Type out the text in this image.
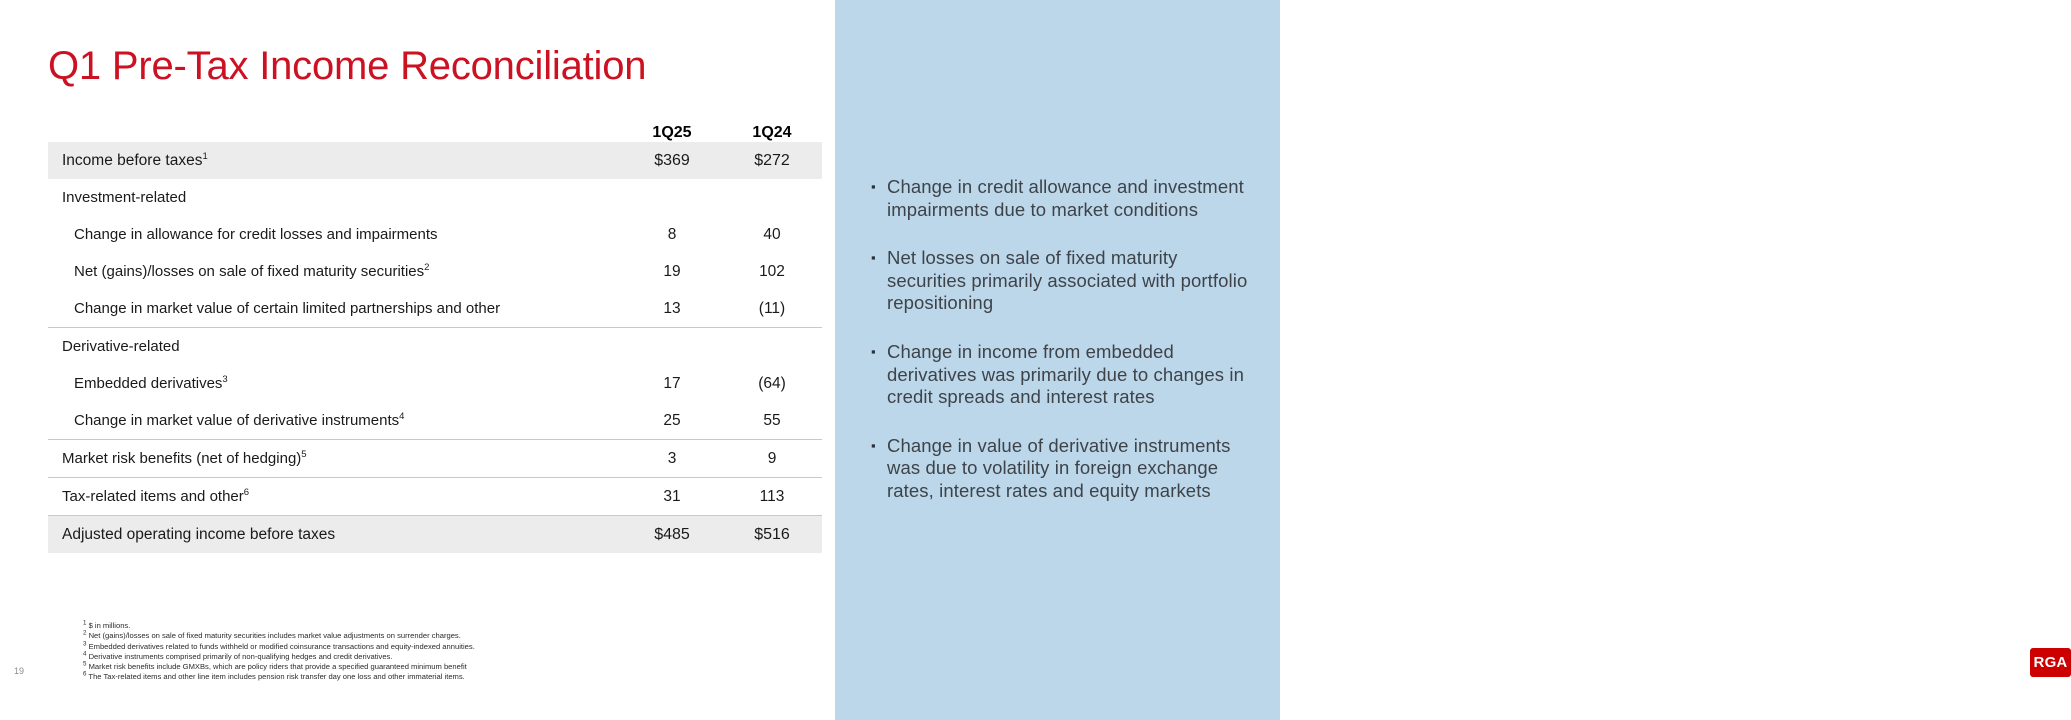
▪ Change in credit allowance and investment impairments due to market conditions
▪ Net losses on sale of fixed maturity securities primarily associated with portfolio repositioning
▪ Change in income from embedded derivatives was primarily due to changes in credit spreads and interest rates
▪ Change in value of derivative instruments was due to volatility in foreign exchange rates, interest rates and equity markets
RGA
Q1 Pre-Tax Income Reconciliation
	1Q25	1Q24
Income before taxes$^1$	$369	$272
Investment-related		
Change in allowance for credit losses and impairments	8	40
Net (gains)/losses on sale of fixed maturity securities$^2$	19	102
Change in market value of certain limited partnerships and other	13	(11)
Derivative-related		
Embedded derivatives$^3$	17	(64)
Change in market value of derivative instruments$^4$	25	55
Market risk benefits (net of hedging)$^5$	3	9
Tax-related items and other$^6$	31	113
Adjusted operating income before taxes	$485	$516
$^1$ $ in millions.
$^2$ Net (gains)/losses on sale of fixed maturity securities includes market value adjustments on surrender charges.
$^3$ Embedded derivatives related to funds withheld or modified coinsurance transactions and equity-indexed annuities.
$^4$ Derivative instruments comprised primarily of non-qualifying hedges and credit derivatives.
$^5$ Market risk benefits include GMXBs, which are policy riders that provide a specified guaranteed minimum benefit
$^6$ The Tax-related items and other line item includes pension risk transfer day one loss and other immaterial items.
19
